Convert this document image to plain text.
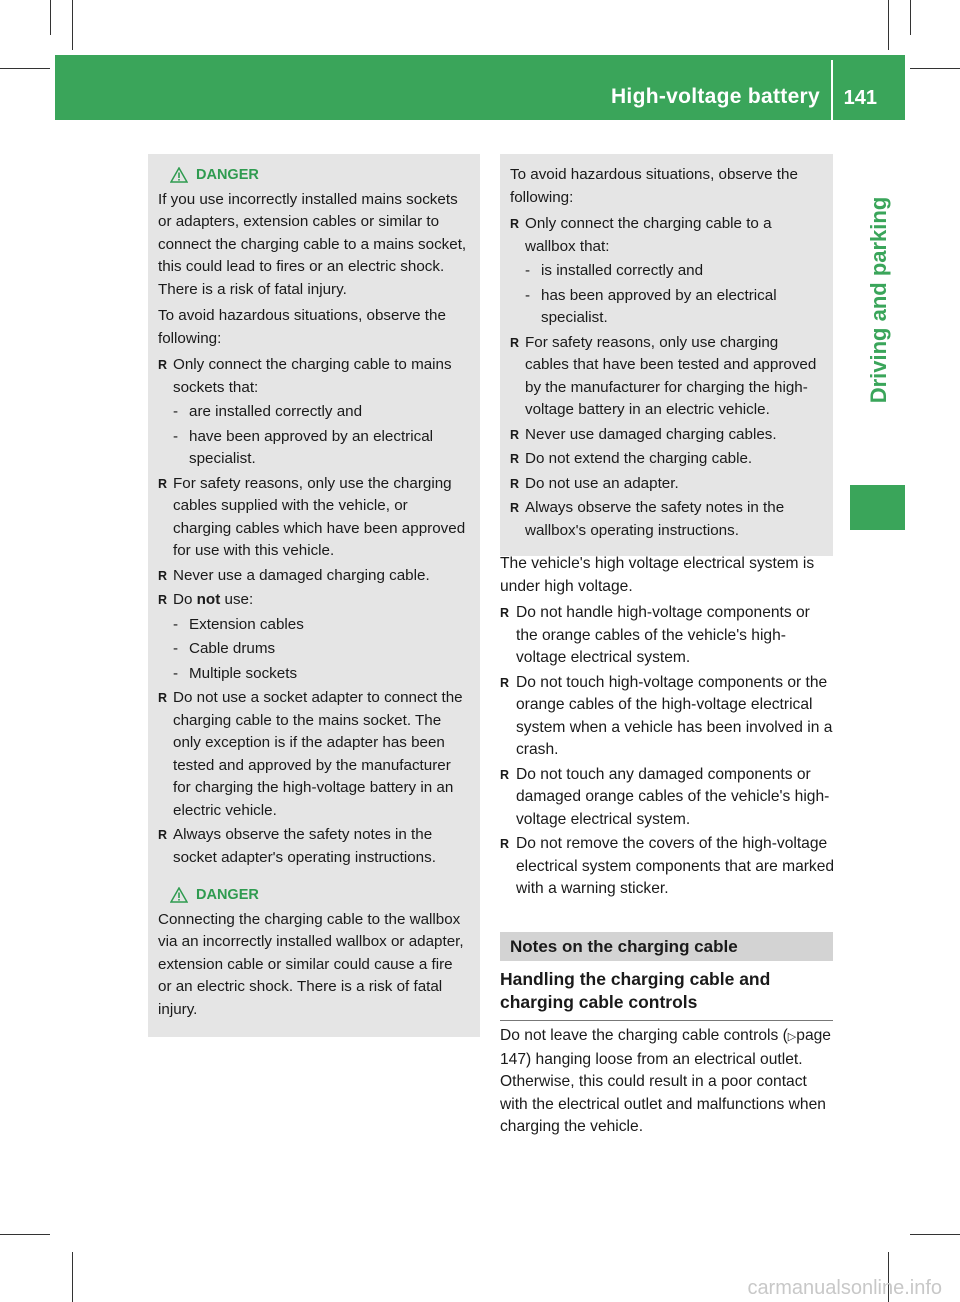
High-voltage battery 141
Driving and parking
DANGER

If you use incorrectly installed mains sockets or adapters, extension cables or similar to connect the charging cable to a mains socket, this could lead to fires or an electric shock. There is a risk of fatal injury.

To avoid hazardous situations, observe the following:

R Only connect the charging cable to mains sockets that:
- are installed correctly and
- have been approved by an electrical specialist.
R For safety reasons, only use the charging cables supplied with the vehicle, or charging cables which have been approved for use with this vehicle.
R Never use a damaged charging cable.
R Do not use:
- Extension cables
- Cable drums
- Multiple sockets
R Do not use a socket adapter to connect the charging cable to the mains socket. The only exception is if the adapter has been tested and approved by the manufacturer for charging the high-voltage battery in an electric vehicle.
R Always observe the safety notes in the socket adapter's operating instructions.
DANGER

Connecting the charging cable to the wallbox via an incorrectly installed wallbox or adapter, extension cable or similar could cause a fire or an electric shock. There is a risk of fatal injury.

To avoid hazardous situations, observe the following:

R Only connect the charging cable to a wallbox that:
- is installed correctly and
- has been approved by an electrical specialist.
R For safety reasons, only use charging cables that have been tested and approved by the manufacturer for charging the high-voltage battery in an electric vehicle.
R Never use damaged charging cables.
R Do not extend the charging cable.
R Do not use an adapter.
R Always observe the safety notes in the wallbox's operating instructions.

The vehicle's high voltage electrical system is under high voltage.

R Do not handle high-voltage components or the orange cables of the vehicle's high-voltage electrical system.
R Do not touch high-voltage components or the orange cables of the high-voltage electrical system when a vehicle has been involved in a crash.
R Do not touch any damaged components or damaged orange cables of the vehicle's high-voltage electrical system.
R Do not remove the covers of the high-voltage electrical system components that are marked with a warning sticker.
Notes on the charging cable
Handling the charging cable and charging cable controls
Do not leave the charging cable controls (▷page 147) hanging loose from an electrical outlet. Otherwise, this could result in a poor contact with the electrical outlet and malfunctions when charging the vehicle.
carmanualsonline.info
